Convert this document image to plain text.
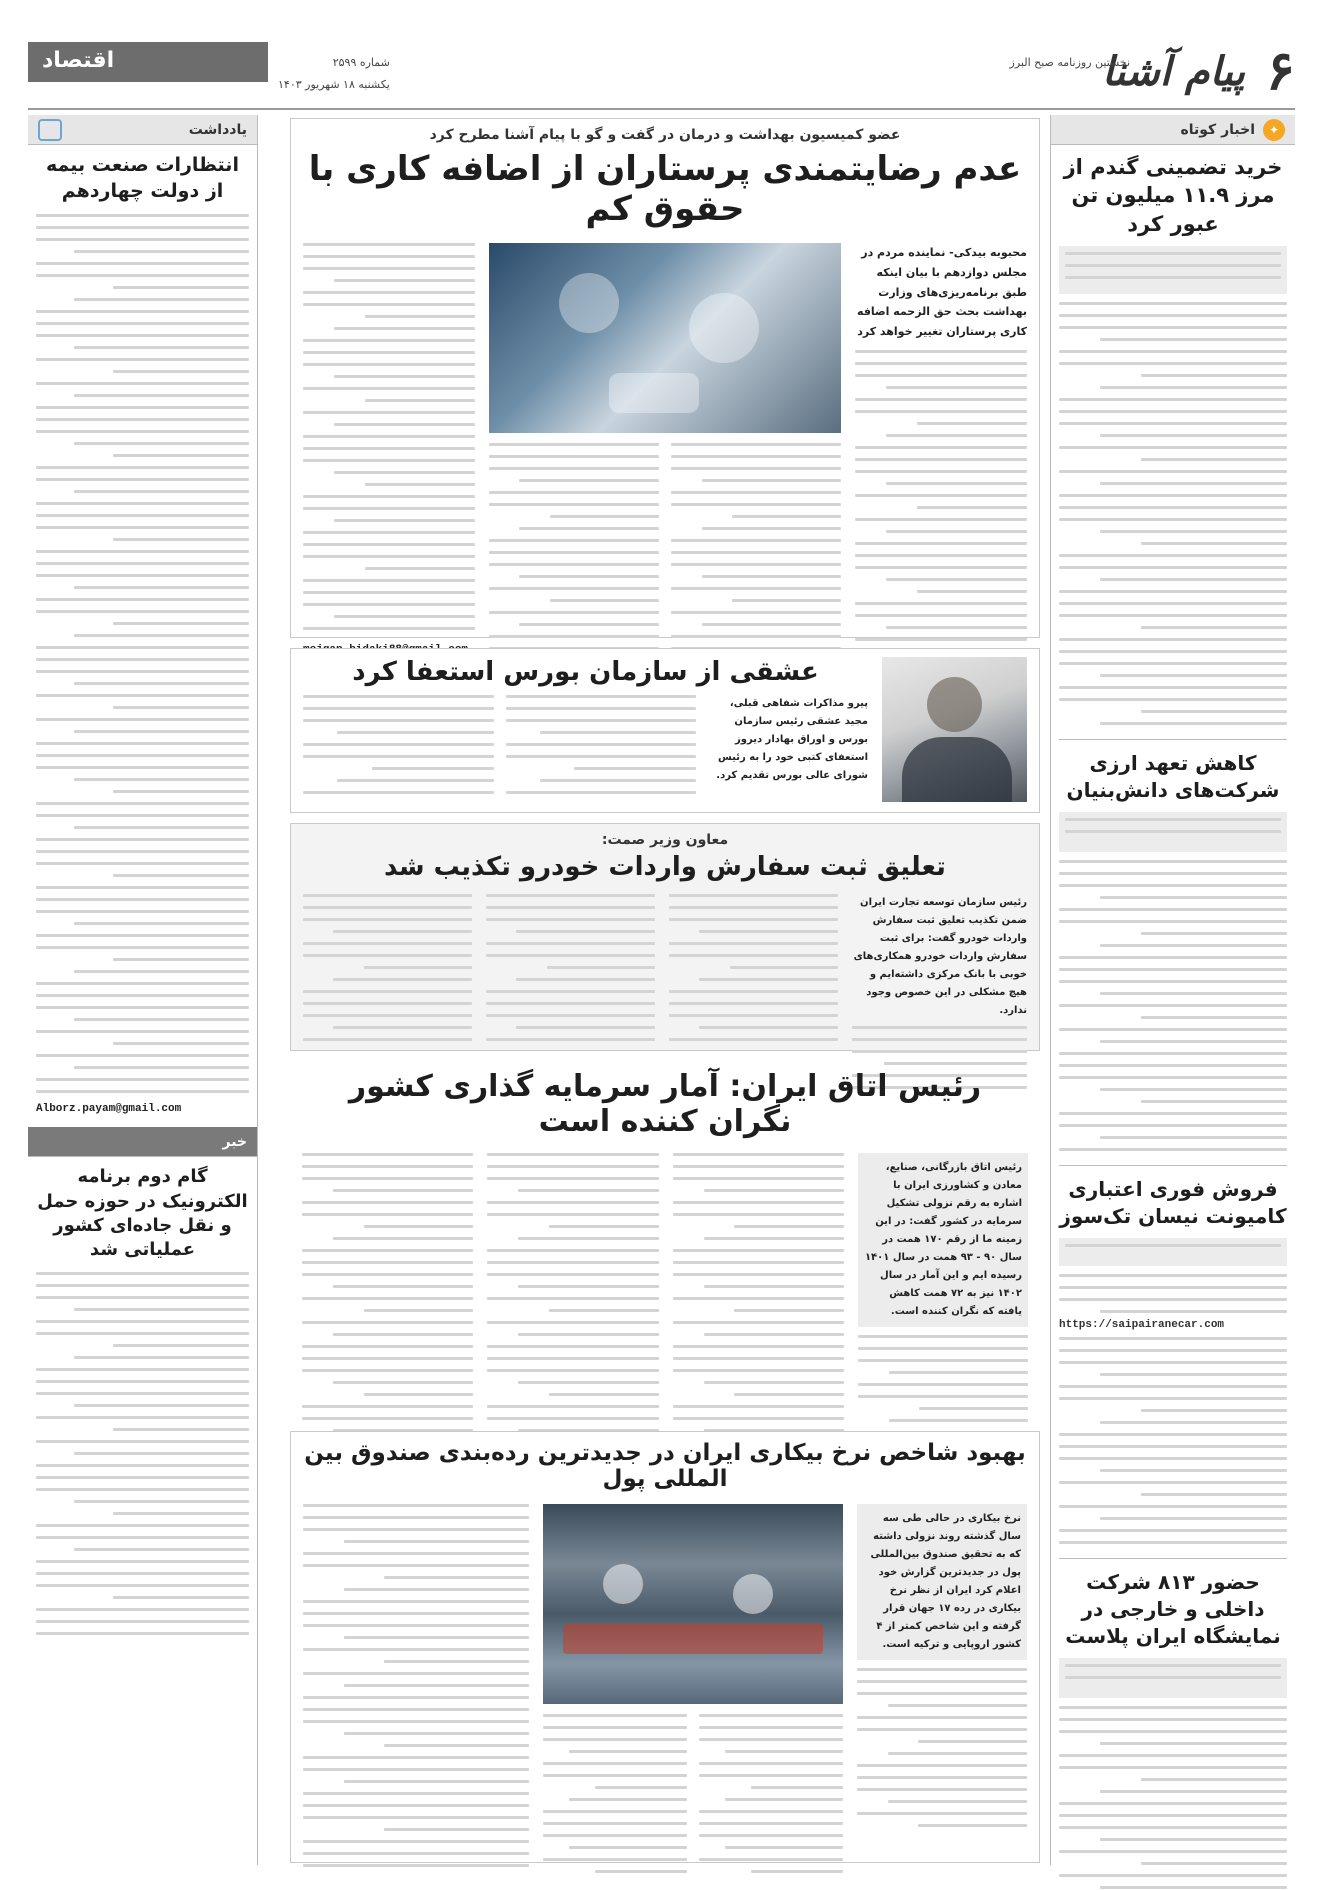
۶
پیام آشنا
نخستین روزنامه صبح البرز
شماره ۲۵۹۹
یکشنبه ۱۸ شهریور ۱۴۰۳
اقتصاد
✦
اخبار کوتاه
خرید تضمینی گندم از مرز ۱۱.۹ میلیون تن عبور کرد
کاهش تعهد ارزی شرکت‌های دانش‌بنیان
فروش فوری اعتباری کامیونت نیسان تک‌سوز
https://saipairanecar.com
حضور ۸۱۳ شرکت داخلی و خارجی در نمایشگاه ایران پلاست
عضو کمیسیون بهداشت و درمان در گفت و گو با پیام آشنا مطرح کرد
عدم رضایتمندی پرستاران از اضافه کاری با حقوق کم
محبوبه بیدکی- نماینده مردم در مجلس دوازدهم با بیان اینکه طبق برنامه‌ریزی‌های وزارت بهداشت بحث حق الزحمه اضافه کاری پرستاران تغییر خواهد کرد
عشقی از سازمان بورس استعفا کرد
پیرو مذاکرات شفاهی قبلی، مجید عشقی رئیس سازمان بورس و اوراق بهادار دیروز استعفای کتبی خود را به رئیس شورای عالی بورس تقدیم کرد.
معاون وزیر صمت:
تعلیق ثبت سفارش واردات خودرو تکذیب شد
رئیس سازمان توسعه تجارت ایران ضمن تکذیب تعلیق ثبت سفارش واردات خودرو گفت: برای ثبت سفارش واردات خودرو همکاری‌های خوبی با بانک مرکزی داشته‌ایم و هیچ مشکلی در این خصوص وجود ندارد.
رئیس اتاق ایران: آمار سرمایه گذاری کشور نگران کننده است
رئیس اتاق بازرگانی، صنایع، معادن و کشاورزی ایران با اشاره به رقم نزولی تشکیل سرمایه در کشور گفت: در این زمینه ما از رقم ۱۷۰ همت در سال ۹۰ - ۹۳ همت در سال ۱۴۰۱ رسیده ایم و این آمار در سال ۱۴۰۲ نیز به ۷۲ همت کاهش یافته که نگران کننده است.
بهبود شاخص نرخ بیکاری ایران در جدیدترین رده‌بندی صندوق بین المللی پول
نرخ بیکاری در حالی طی سه سال گذشته روند نزولی داشته که به تحقیق صندوق بین‌المللی پول در جدیدترین گزارش خود اعلام کرد ایران از نظر نرخ بیکاری در رده ۱۷ جهان قرار گرفته و این شاخص کمتر از ۴ کشور اروپایی و ترکیه است.
یادداشت
انتظارات صنعت بیمه از دولت چهاردهم
Alborz.payam@gmail.com
خبر
گام دوم برنامه الکترونیک در حوزه حمل و نقل جاده‌ای کشور عملیاتی شد
